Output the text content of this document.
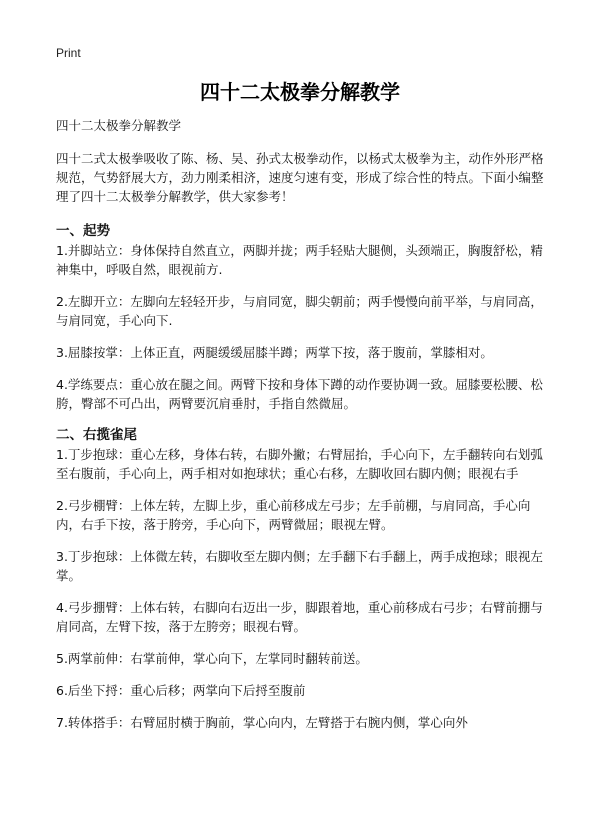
Print
四十二太极拳分解教学

四十二太极拳分解教学

四十二式太极拳吸收了陈、杨、吴、孙式太极拳动作，以杨式太极拳为主，动作外形严格规范，气势舒展大方，劲力刚柔相济，速度匀速有变，形成了综合性的特点。下面小编整理了四十二太极拳分解教学，供大家参考！

一、起势

1.并脚站立：身体保持自然直立，两脚并拢；两手轻贴大腿侧，头颈端正，胸腹舒松，精神集中，呼吸自然，眼视前方.

2.左脚开立：左脚向左轻轻开步，与肩同宽，脚尖朝前；两手慢慢向前平举，与肩同高，与肩同宽，手心向下.

3.屈膝按掌：上体正直，两腿缓缓屈膝半蹲；两掌下按，落于腹前，掌膝相对。

4.学练要点：重心放在腿之间。两臂下按和身体下蹲的动作要协调一致。屈膝要松腰、松胯，臀部不可凸出，两臂要沉肩垂肘，手指自然微屈。

二、右揽雀尾

1.丁步抱球：重心左移，身体右转，右脚外撇；右臂屈抬，手心向下，左手翻转向右划弧至右腹前，手心向上，两手相对如抱球状；重心右移，左脚收回右脚内侧；眼视右手

2.弓步棚臂：上体左转，左脚上步，重心前移成左弓步；左手前棚，与肩同高，手心向内，右手下按，落于胯旁，手心向下，两臂微屈；眼视左臂。

3.丁步抱球：上体微左转，右脚收至左脚内侧；左手翻下右手翻上，两手成抱球；眼视左掌。

4.弓步掤臂：上体右转，右脚向右迈出一步，脚跟着地，重心前移成右弓步；右臂前掤与肩同高，左臂下按，落于左胯旁；眼视右臂。

5.两掌前伸：右掌前伸，掌心向下，左掌同时翻转前送。

6.后坐下捋：重心后移；两掌向下后捋至腹前

7.转体搭手：右臂屈肘横于胸前，掌心向内，左臂搭于右腕内侧，掌心向外
